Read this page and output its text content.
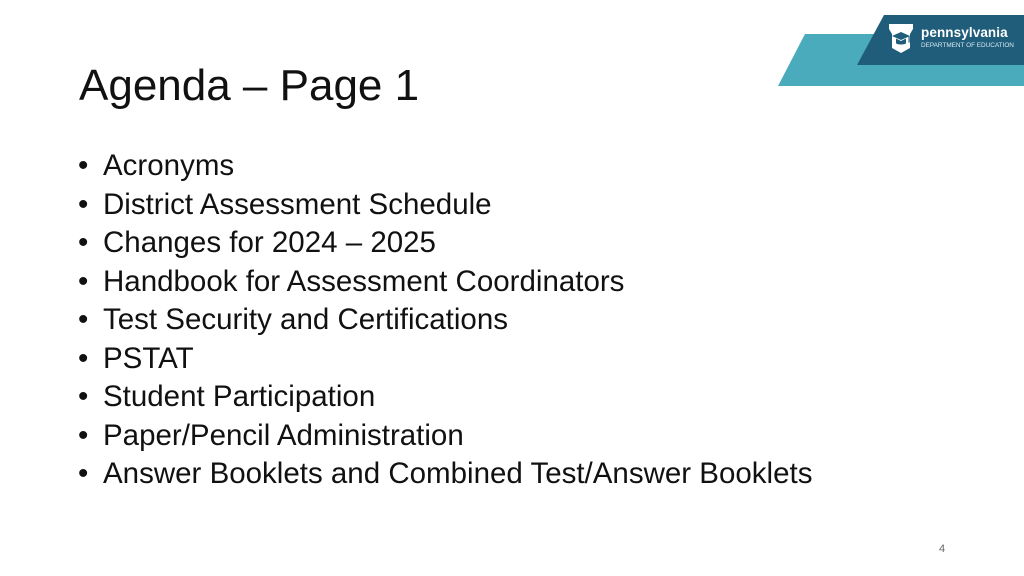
pennsylvania
DEPARTMENT OF EDUCATION
Agenda – Page 1
• Acronyms
• District Assessment Schedule
• Changes for 2024 – 2025
• Handbook for Assessment Coordinators
• Test Security and Certifications
• PSTAT
• Student Participation
• Paper/Pencil Administration
• Answer Booklets and Combined Test/Answer Booklets
4
